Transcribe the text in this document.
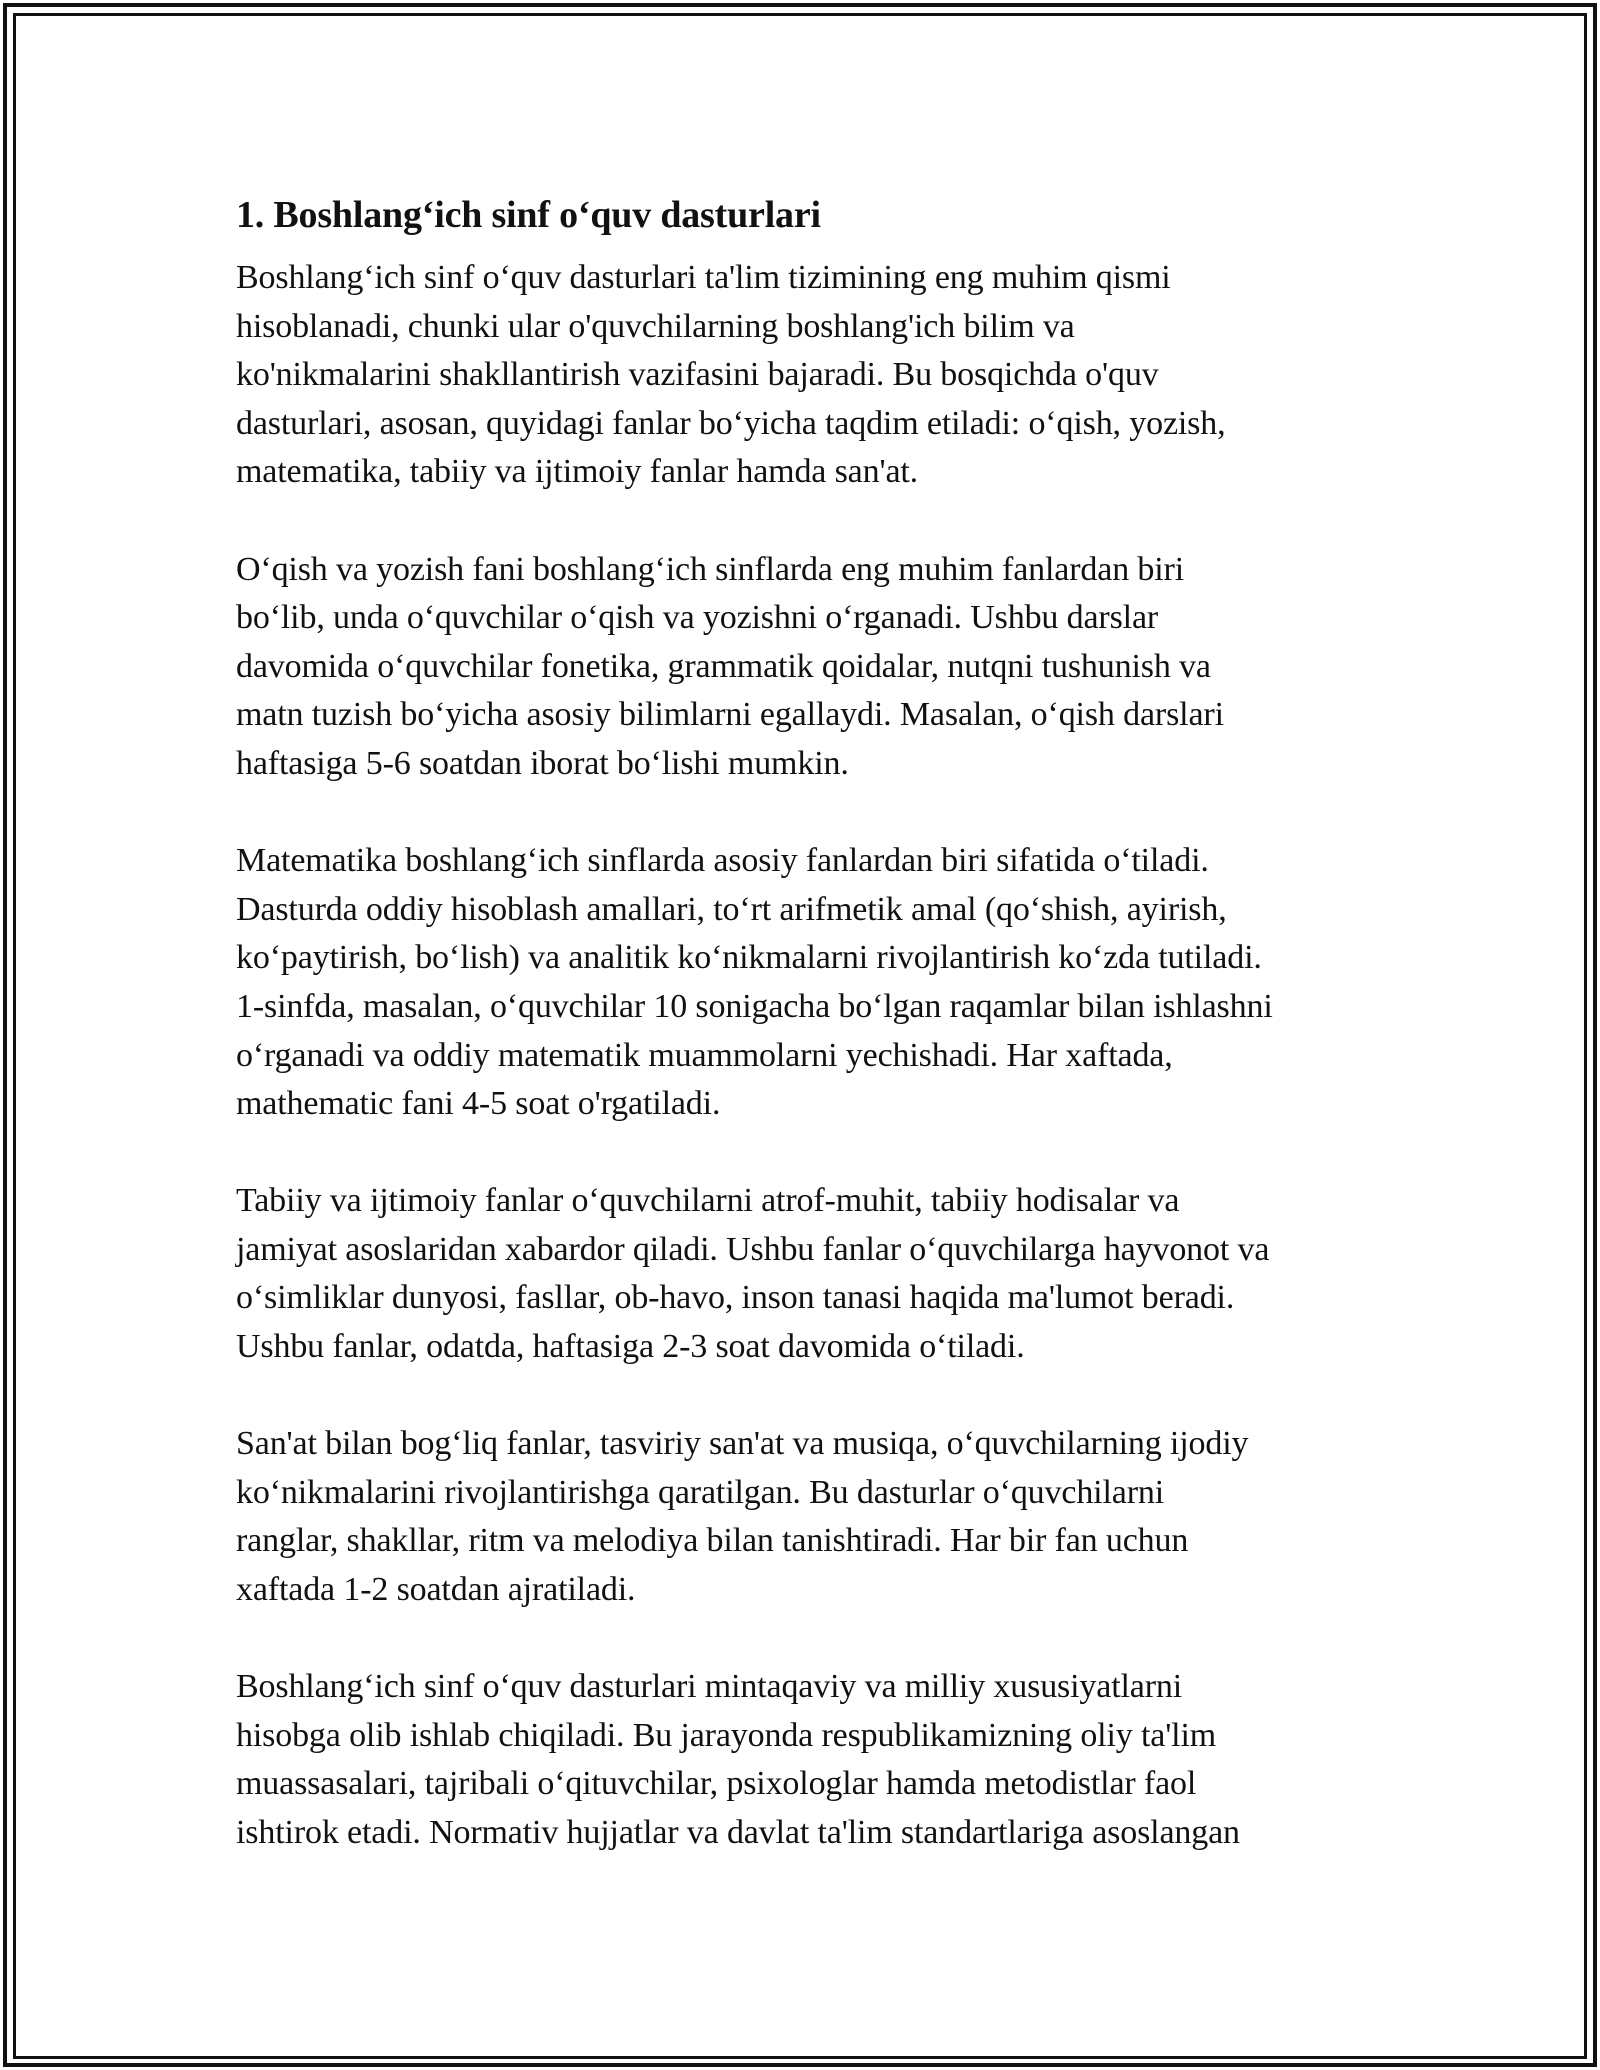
1. Boshlang‘ich sinf o‘quv dasturlari

Boshlang‘ich sinf o‘quv dasturlari ta'lim tizimining eng muhim qismi
hisoblanadi, chunki ular o'quvchilarning boshlang'ich bilim va
ko'nikmalarini shakllantirish vazifasini bajaradi. Bu bosqichda o'quv
dasturlari, asosan, quyidagi fanlar bo‘yicha taqdim etiladi: o‘qish, yozish,
matematika, tabiiy va ijtimoiy fanlar hamda san'at.

O‘qish va yozish fani boshlang‘ich sinflarda eng muhim fanlardan biri
bo‘lib, unda o‘quvchilar o‘qish va yozishni o‘rganadi. Ushbu darslar
davomida o‘quvchilar fonetika, grammatik qoidalar, nutqni tushunish va
matn tuzish bo‘yicha asosiy bilimlarni egallaydi. Masalan, o‘qish darslari
haftasiga 5-6 soatdan iborat bo‘lishi mumkin.

Matematika boshlang‘ich sinflarda asosiy fanlardan biri sifatida o‘tiladi.
Dasturda oddiy hisoblash amallari, to‘rt arifmetik amal (qo‘shish, ayirish,
ko‘paytirish, bo‘lish) va analitik ko‘nikmalarni rivojlantirish ko‘zda tutiladi.
1-sinfda, masalan, o‘quvchilar 10 sonigacha bo‘lgan raqamlar bilan ishlashni
o‘rganadi va oddiy matematik muammolarni yechishadi. Har xaftada,
mathematic fani 4-5 soat o'rgatiladi.

Tabiiy va ijtimoiy fanlar o‘quvchilarni atrof-muhit, tabiiy hodisalar va
jamiyat asoslaridan xabardor qiladi. Ushbu fanlar o‘quvchilarga hayvonot va
o‘simliklar dunyosi, fasllar, ob-havo, inson tanasi haqida ma'lumot beradi.
Ushbu fanlar, odatda, haftasiga 2-3 soat davomida o‘tiladi.

San'at bilan bog‘liq fanlar, tasviriy san'at va musiqa, o‘quvchilarning ijodiy
ko‘nikmalarini rivojlantirishga qaratilgan. Bu dasturlar o‘quvchilarni
ranglar, shakllar, ritm va melodiya bilan tanishtiradi. Har bir fan uchun
xaftada 1-2 soatdan ajratiladi.

Boshlang‘ich sinf o‘quv dasturlari mintaqaviy va milliy xususiyatlarni
hisobga olib ishlab chiqiladi. Bu jarayonda respublikamizning oliy ta'lim
muassasalari, tajribali o‘qituvchilar, psixologlar hamda metodistlar faol
ishtirok etadi. Normativ hujjatlar va davlat ta'lim standartlariga asoslangan
